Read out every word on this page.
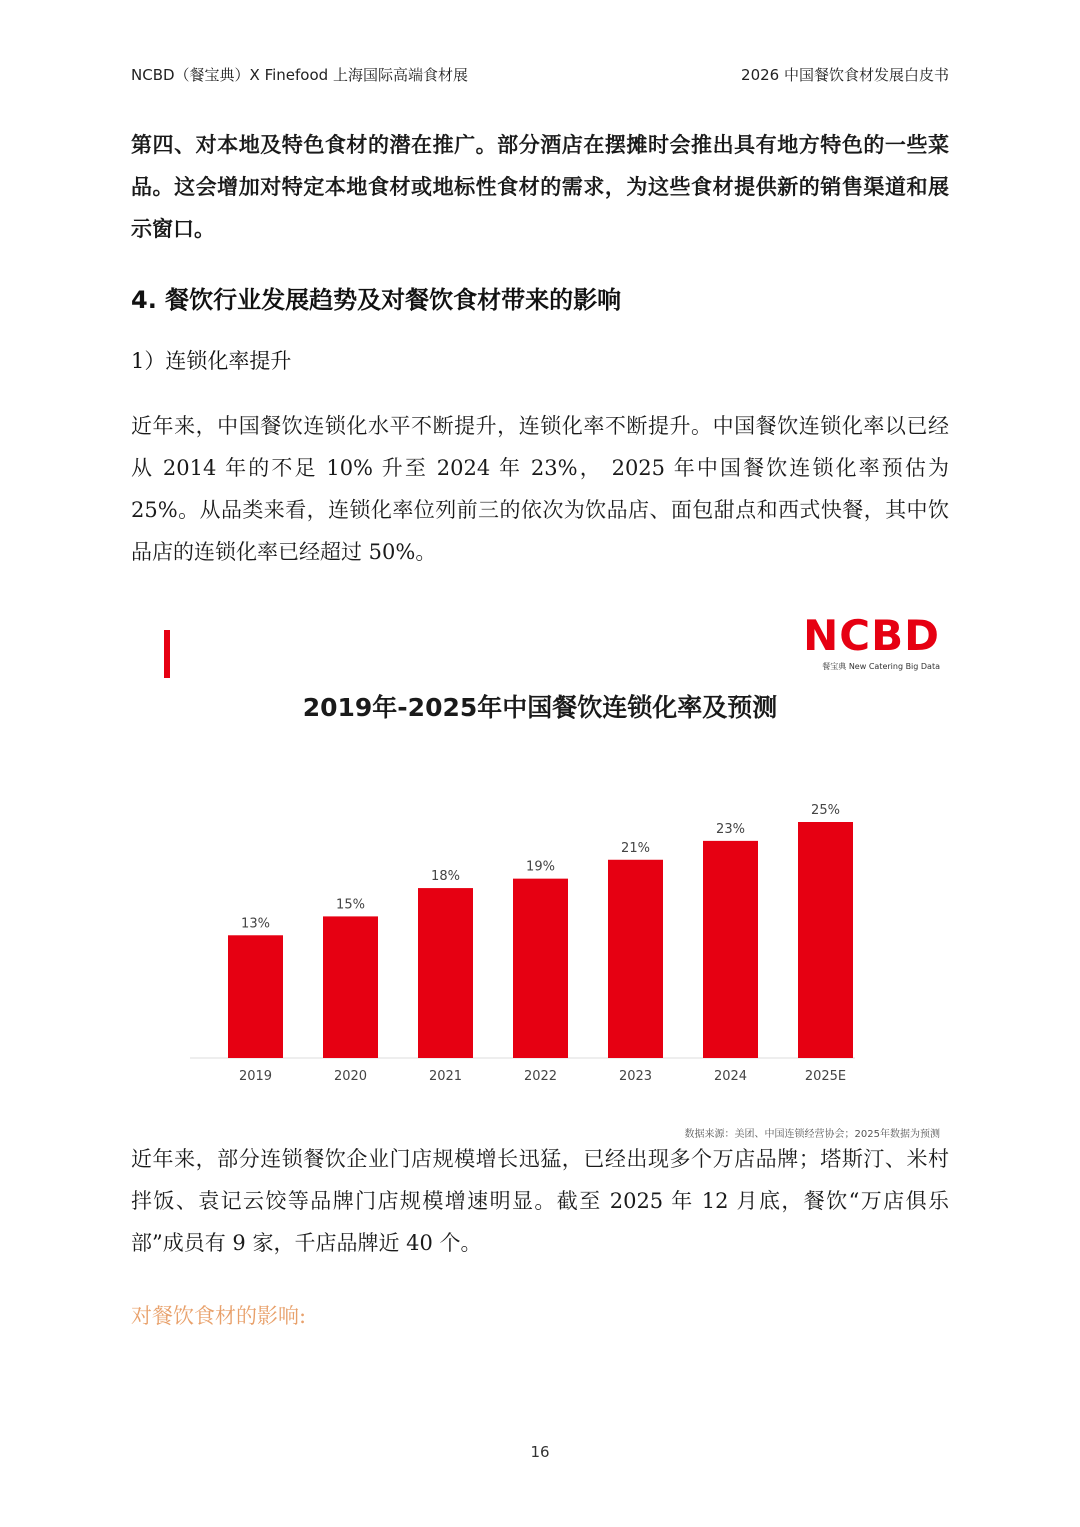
NCBD（餐宝典）X Finefood 上海国际高端食材展	2026 中国餐饮食材发展白皮书

第四、对本地及特色食材的潜在推广。部分酒店在摆摊时会推出具有地方特色的一些菜品。这会增加对特定本地食材或地标性食材的需求，为这些食材提供新的销售渠道和展示窗口。

4. 餐饮行业发展趋势及对餐饮食材带来的影响
1）连锁化率提升

近年来，中国餐饮连锁化水平不断提升，连锁化率不断提升。中国餐饮连锁化率以已经从 2014 年的不足 10% 升至 2024 年 23%， 2025 年中国餐饮连锁化率预估为 25%。从品类来看，连锁化率位列前三的依次为饮品店、面包甜点和西式快餐，其中饮品店的连锁化率已经超过 50%。

NCBD
餐宝典 New Catering Big Data
2019年-2025年中国餐饮连锁化率及预测
13%
2019
15%
2020
18%
2021
19%
2022
21%
2023
23%
2024
25%
2025E
数据来源：美团、中国连锁经营协会；2025年数据为预测

近年来，部分连锁餐饮企业门店规模增长迅猛，已经出现多个万店品牌；塔斯汀、米村拌饭、袁记云饺等品牌门店规模增速明显。截至 2025 年 12 月底，餐饮“万店俱乐部”成员有 9 家，千店品牌近 40 个。

对餐饮食材的影响:
16
